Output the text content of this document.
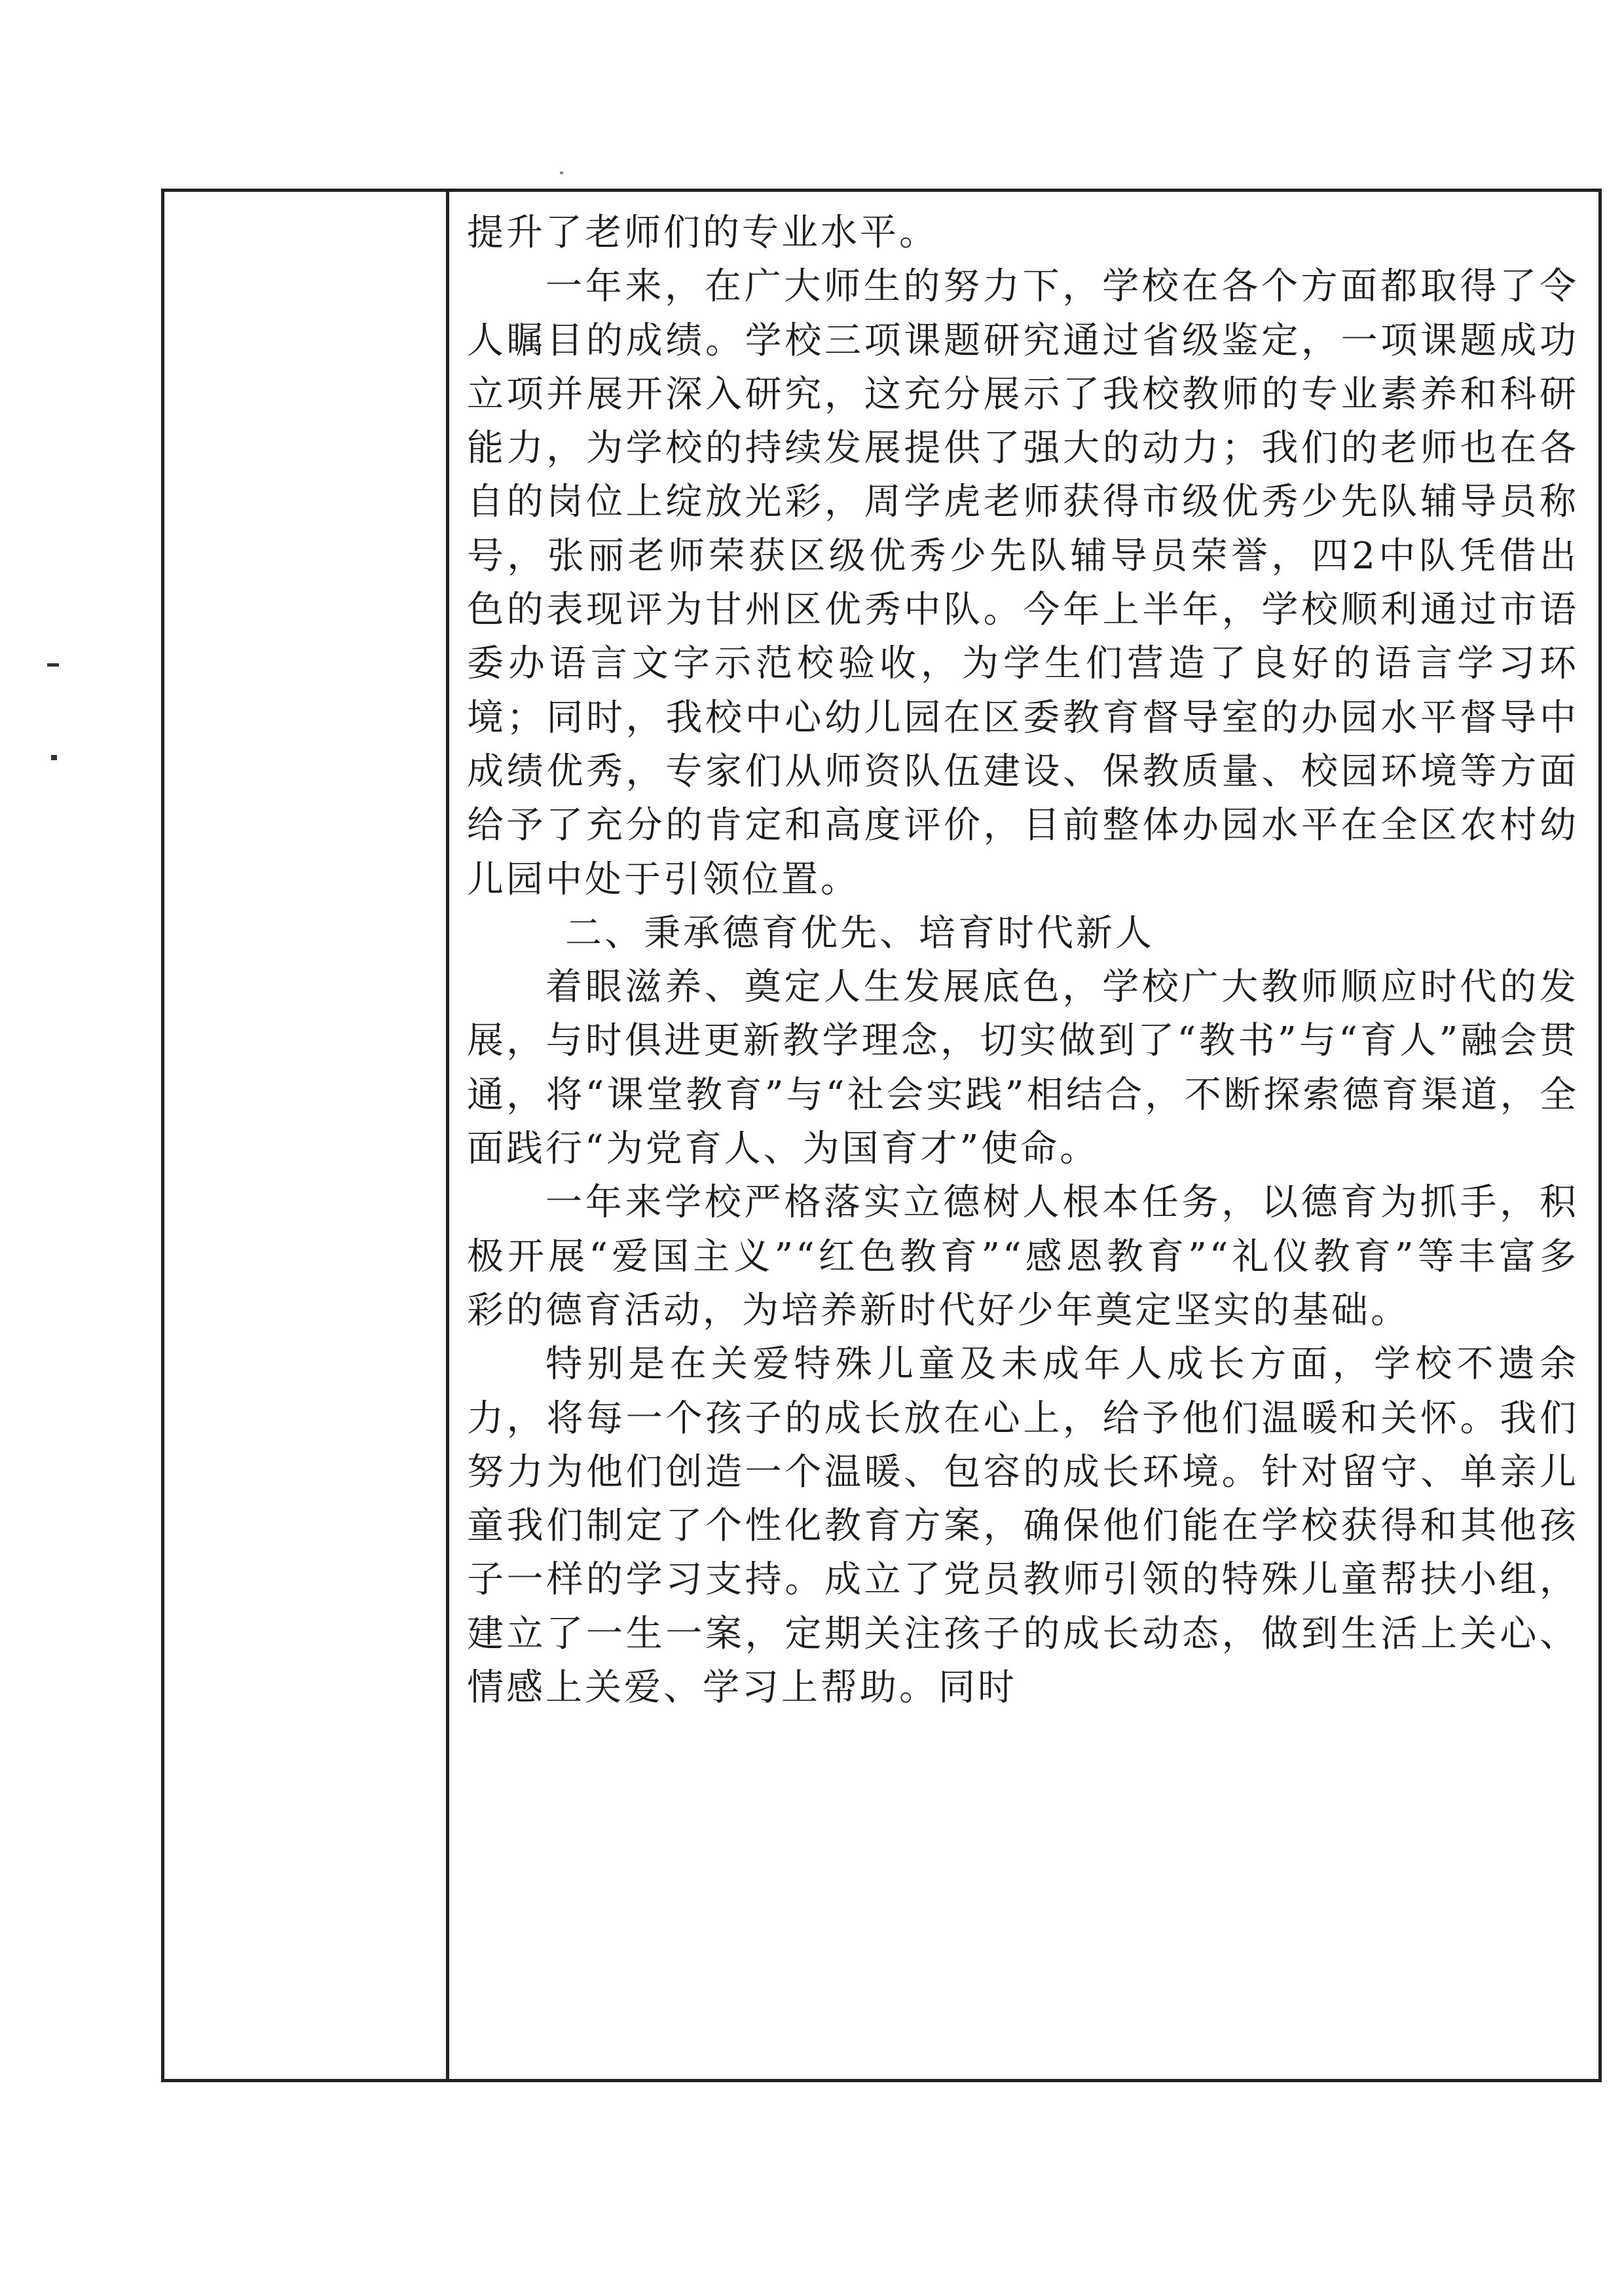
提升了老师们的专业水平。

一年来，在广大师生的努力下，学校在各个方面都取得了令人瞩目的成绩。学校三项课题研究通过省级鉴定，一项课题成功立项并展开深入研究，这充分展示了我校教师的专业素养和科研能力，为学校的持续发展提供了强大的动力；我们的老师也在各自的岗位上绽放光彩，周学虎老师获得市级优秀少先队辅导员称号，张丽老师荣获区级优秀少先队辅导员荣誉，四2中队凭借出色的表现评为甘州区优秀中队。今年上半年，学校顺利通过市语委办语言文字示范校验收，为学生们营造了良好的语言学习环境；同时，我校中心幼儿园在区委教育督导室的办园水平督导中成绩优秀，专家们从师资队伍建设、保教质量、校园环境等方面给予了充分的肯定和高度评价，目前整体办园水平在全区农村幼儿园中处于引领位置。

二、秉承德育优先、培育时代新人

着眼滋养、奠定人生发展底色，学校广大教师顺应时代的发展，与时俱进更新教学理念，切实做到了“教书”与“育人”融会贯通，将“课堂教育”与“社会实践”相结合，不断探索德育渠道，全面践行“为党育人、为国育才”使命。

一年来学校严格落实立德树人根本任务，以德育为抓手，积极开展“爱国主义”“红色教育”“感恩教育”“礼仪教育”等丰富多彩的德育活动，为培养新时代好少年奠定坚实的基础。

特别是在关爱特殊儿童及未成年人成长方面，学校不遗余力，将每一个孩子的成长放在心上，给予他们温暖和关怀。我们努力为他们创造一个温暖、包容的成长环境。针对留守、单亲儿童我们制定了个性化教育方案，确保他们能在学校获得和其他孩子一样的学习支持。成立了党员教师引领的特殊儿童帮扶小组，建立了一生一案，定期关注孩子的成长动态，做到生活上关心、情感上关爱、学习上帮助。同时
